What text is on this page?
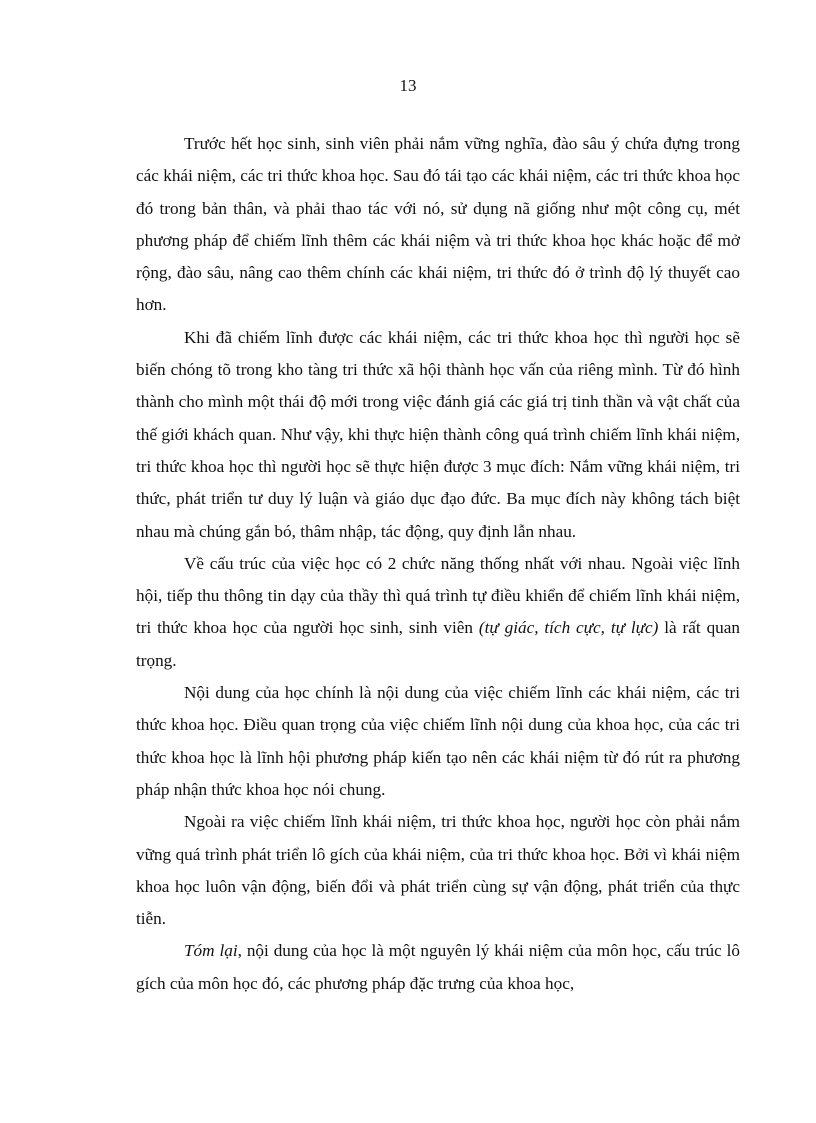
13

Trước hết học sinh, sinh viên phải nắm vững nghĩa, đào sâu ý chứa đựng trong các khái niệm, các tri thức khoa học. Sau đó tái tạo các khái niệm, các tri thức khoa học đó trong bản thân, và phải thao tác với nó, sử dụng nã giống như một công cụ, mét phương pháp để chiếm lĩnh thêm các khái niệm và tri thức khoa học khác hoặc để mở rộng, đào sâu, nâng cao thêm chính các khái niệm, tri thức đó ở trình độ lý thuyết cao hơn.

Khi đã chiếm lĩnh được các khái niệm, các tri thức khoa học thì người học sẽ biến chóng tõ trong kho tàng tri thức xã hội thành học vấn của riêng mình. Từ đó hình thành cho mình một thái độ mới trong việc đánh giá các giá trị tinh thần và vật chất của thế giới khách quan. Như vậy, khi thực hiện thành công quá trình chiếm lĩnh khái niệm, tri thức khoa học thì người học sẽ thực hiện được 3 mục đích: Nắm vững khái niệm, tri thức, phát triển tư duy lý luận và giáo dục đạo đức. Ba mục đích này không tách biệt nhau mà chúng gắn bó, thâm nhập, tác động, quy định lẫn nhau.

Về cấu trúc của việc học có 2 chức năng thống nhất với nhau. Ngoài việc lĩnh hội, tiếp thu thông tin dạy của thầy thì quá trình tự điều khiển để chiếm lĩnh khái niệm, tri thức khoa học của người học sinh, sinh viên (tự giác, tích cực, tự lực) là rất quan trọng.

Nội dung của học chính là nội dung của việc chiếm lĩnh các khái niệm, các tri thức khoa học. Điều quan trọng của việc chiếm lĩnh nội dung của khoa học, của các tri thức khoa học là lĩnh hội phương pháp kiến tạo nên các khái niệm từ đó rút ra phương pháp nhận thức khoa học nói chung.

Ngoài ra việc chiếm lĩnh khái niệm, tri thức khoa học, người học còn phải nắm vững quá trình phát triển lô gích của khái niệm, của tri thức khoa học. Bởi vì khái niệm khoa học luôn vận động, biến đổi và phát triển cùng sự vận động, phát triển của thực tiễn.

Tóm lại, nội dung của học là một nguyên lý khái niệm của môn học, cấu trúc lô gích của môn học đó, các phương pháp đặc trưng của khoa học,
